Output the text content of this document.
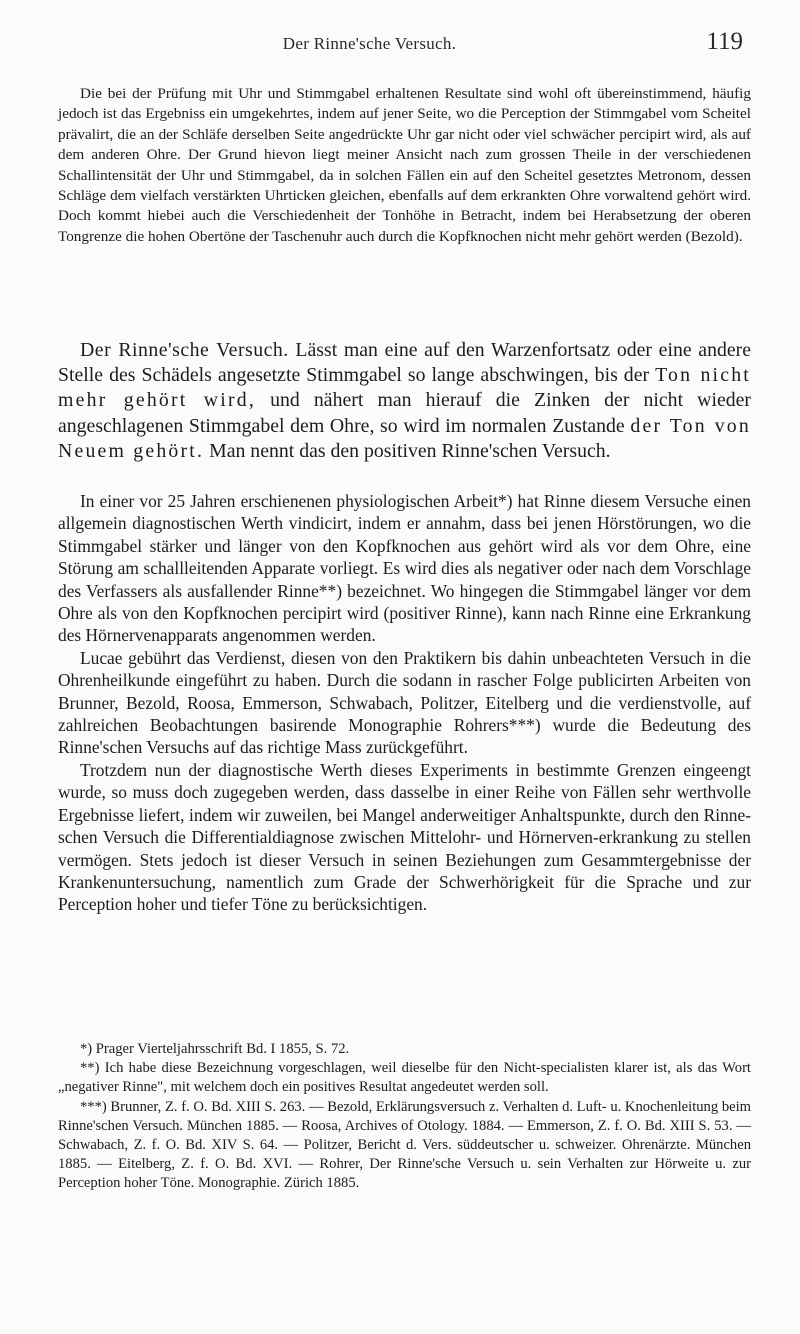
Der Rinne'sche Versuch.	119

Die bei der Prüfung mit Uhr und Stimmgabel erhaltenen Resultate sind wohl oft übereinstimmend, häufig jedoch ist das Ergebniss ein umgekehrtes, indem auf jener Seite, wo die Perception der Stimmgabel vom Scheitel prävalirt, die an der Schläfe derselben Seite angedrückte Uhr gar nicht oder viel schwächer percipirt wird, als auf dem anderen Ohre. Der Grund hievon liegt meiner Ansicht nach zum grossen Theile in der verschiedenen Schallintensität der Uhr und Stimmgabel, da in solchen Fällen ein auf den Scheitel gesetztes Metronom, dessen Schläge dem vielfach verstärkten Uhrticken gleichen, ebenfalls auf dem erkrankten Ohre vorwaltend gehört wird. Doch kommt hiebei auch die Verschiedenheit der Tonhöhe in Betracht, indem bei Herabsetzung der oberen Tongrenze die hohen Obertöne der Taschenuhr auch durch die Kopfknochen nicht mehr gehört werden (Bezold).

Der Rinne'sche Versuch. Lässt man eine auf den Warzenfortsatz oder eine andere Stelle des Schädels angesetzte Stimmgabel so lange abschwingen, bis der Ton nicht mehr gehört wird, und nähert man hierauf die Zinken der nicht wieder angeschlagenen Stimmgabel dem Ohre, so wird im normalen Zustande der Ton von Neuem gehört. Man nennt das den positiven Rinne'schen Versuch.

In einer vor 25 Jahren erschienenen physiologischen Arbeit*) hat Rinne diesem Versuche einen allgemein diagnostischen Werth vindicirt, indem er annahm, dass bei jenen Hörstörungen, wo die Stimmgabel stärker und länger von den Kopfknochen aus gehört wird als vor dem Ohre, eine Störung am schallleitenden Apparate vorliegt. Es wird dies als negativer oder nach dem Vorschlage des Verfassers als ausfallender Rinne**) bezeichnet. Wo hingegen die Stimmgabel länger vor dem Ohre als von den Kopfknochen percipirt wird (positiver Rinne), kann nach Rinne eine Erkrankung des Hörnervenapparats angenommen werden.

Lucae gebührt das Verdienst, diesen von den Praktikern bis dahin unbeachteten Versuch in die Ohrenheilkunde eingeführt zu haben. Durch die sodann in rascher Folge publicirten Arbeiten von Brunner, Bezold, Roosa, Emmerson, Schwabach, Politzer, Eitelberg und die verdienstvolle, auf zahlreichen Beobachtungen basirende Monographie Rohrers***) wurde die Bedeutung des Rinne'schen Versuchs auf das richtige Mass zurückgeführt.

Trotzdem nun der diagnostische Werth dieses Experiments in bestimmte Grenzen eingeengt wurde, so muss doch zugegeben werden, dass dasselbe in einer Reihe von Fällen sehr werthvolle Ergebnisse liefert, indem wir zuweilen, bei Mangel anderweitiger Anhaltspunkte, durch den Rinne-schen Versuch die Differentialdiagnose zwischen Mittelohr- und Hörnerven-erkrankung zu stellen vermögen. Stets jedoch ist dieser Versuch in seinen Beziehungen zum Gesammtergebnisse der Krankenuntersuchung, namentlich zum Grade der Schwerhörigkeit für die Sprache und zur Perception hoher und tiefer Töne zu berücksichtigen.

*) Prager Vierteljahrsschrift Bd. I 1855, S. 72.

**) Ich habe diese Bezeichnung vorgeschlagen, weil dieselbe für den Nicht-specialisten klarer ist, als das Wort „negativer Rinne", mit welchem doch ein positives Resultat angedeutet werden soll.

***) Brunner, Z. f. O. Bd. XIII S. 263. — Bezold, Erklärungsversuch z. Verhalten d. Luft- u. Knochenleitung beim Rinne'schen Versuch. München 1885. — Roosa, Archives of Otology. 1884. — Emmerson, Z. f. O. Bd. XIII S. 53. — Schwabach, Z. f. O. Bd. XIV S. 64. — Politzer, Bericht d. Vers. süddeutscher u. schweizer. Ohrenärzte. München 1885. — Eitelberg, Z. f. O. Bd. XVI. — Rohrer, Der Rinne'sche Versuch u. sein Verhalten zur Hörweite u. zur Perception hoher Töne. Monographie. Zürich 1885.
